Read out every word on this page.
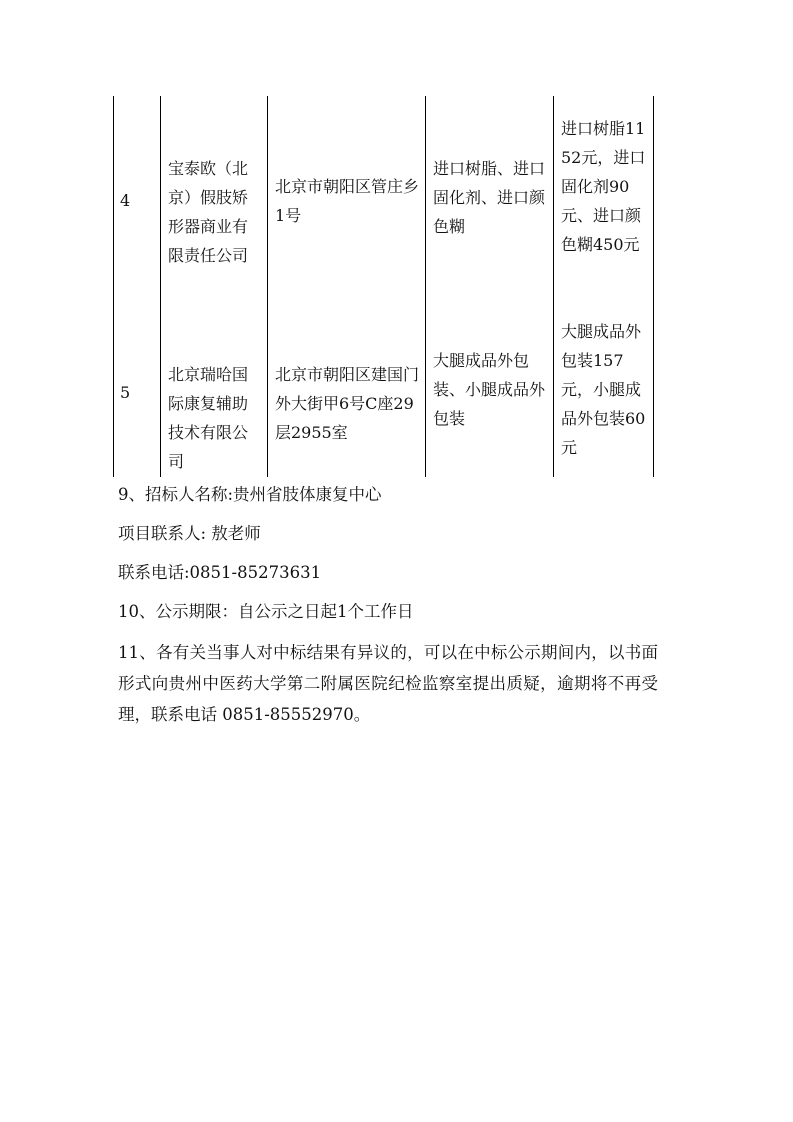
4
宝泰欧（北京）假肢矫形器商业有限责任公司
北京市朝阳区管庄乡1号
进口树脂、进口固化剂、进口颜色糊
进口树脂1152元，进口固化剂90元、进口颜色糊450元
5
北京瑞哈国际康复辅助技术有限公司
北京市朝阳区建国门外大街甲6号C座29层2955室
大腿成品外包装、小腿成品外包装
大腿成品外包装157元，小腿成品外包装60元
9、招标人名称:贵州省肢体康复中心
项目联系人: 敖老师
联系电话:0851-85273631
10、公示期限：自公示之日起1个工作日
11、各有关当事人对中标结果有异议的，可以在中标公示期间内，以书面形式向贵州中医药大学第二附属医院纪检监察室提出质疑，逾期将不再受理，联系电话 0851-85552970。
